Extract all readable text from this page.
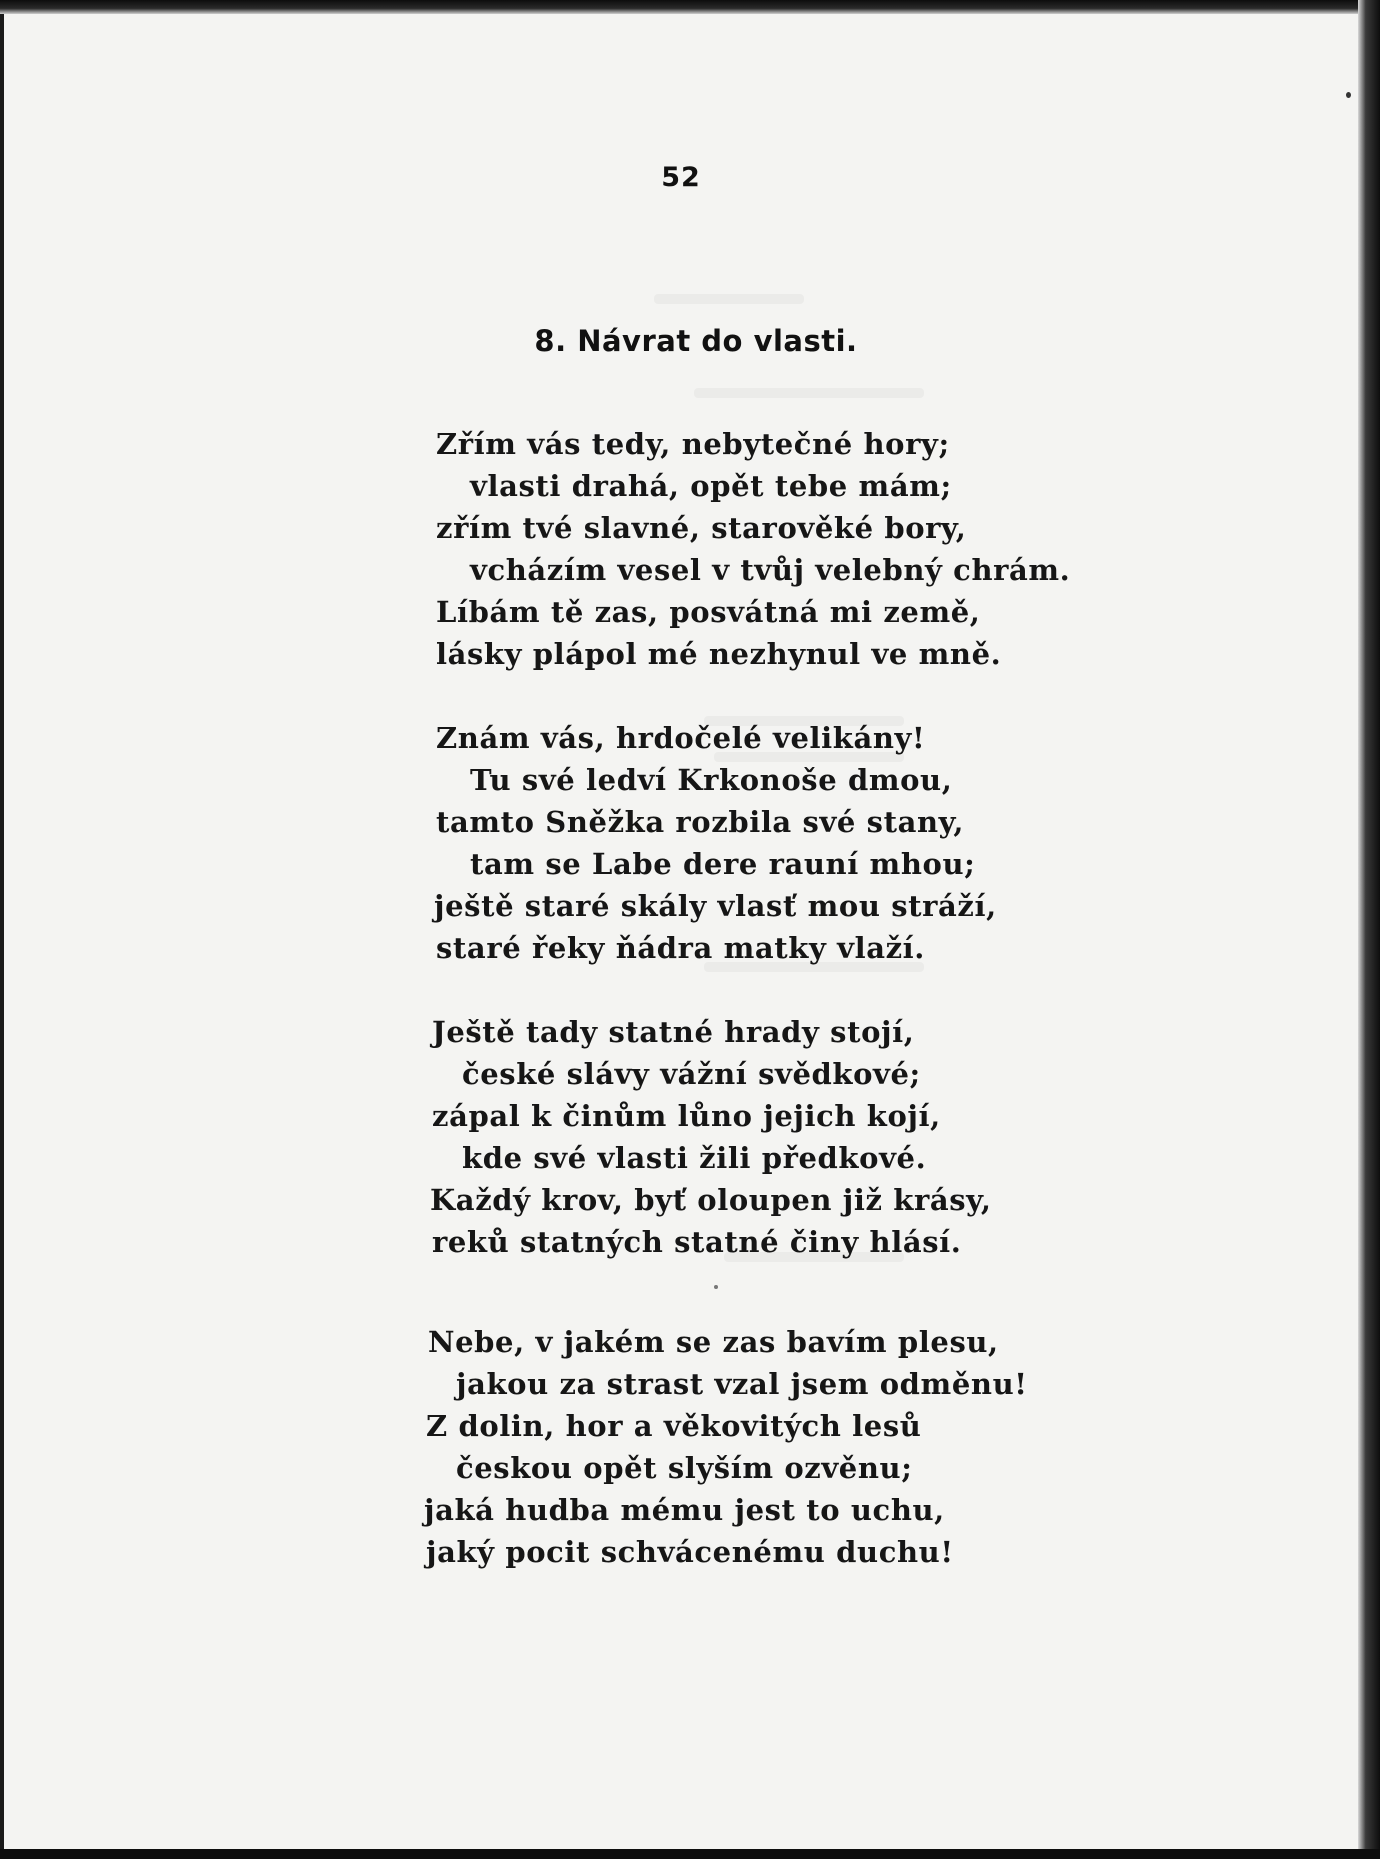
52
8. Návrat do vlasti.
Zřím vás tedy, nebytečné hory;
vlasti drahá, opět tebe mám;
zřím tvé slavné, starověké bory,
vcházím vesel v tvůj velebný chrám.
Líbám tě zas, posvátná mi země,
lásky plápol mé nezhynul ve mně.
Znám vás, hrdočelé velikány!
Tu své ledví Krkonoše dmou,
tamto Sněžka rozbila své stany,
tam se Labe dere rauní mhou;
ještě staré skály vlasť mou stráží,
staré řeky ňádra matky vlaží.
Ještě tady statné hrady stojí,
české slávy vážní svědkové;
zápal k činům lůno jejich kojí,
kde své vlasti žili předkové.
Každý krov, byť oloupen již krásy,
reků statných statné činy hlásí.
Nebe, v jakém se zas bavím plesu,
jakou za strast vzal jsem odměnu!
Z dolin, hor a věkovitých lesů
českou opět slyším ozvěnu;
jaká hudba mému jest to uchu,
jaký pocit schvácenému duchu!
